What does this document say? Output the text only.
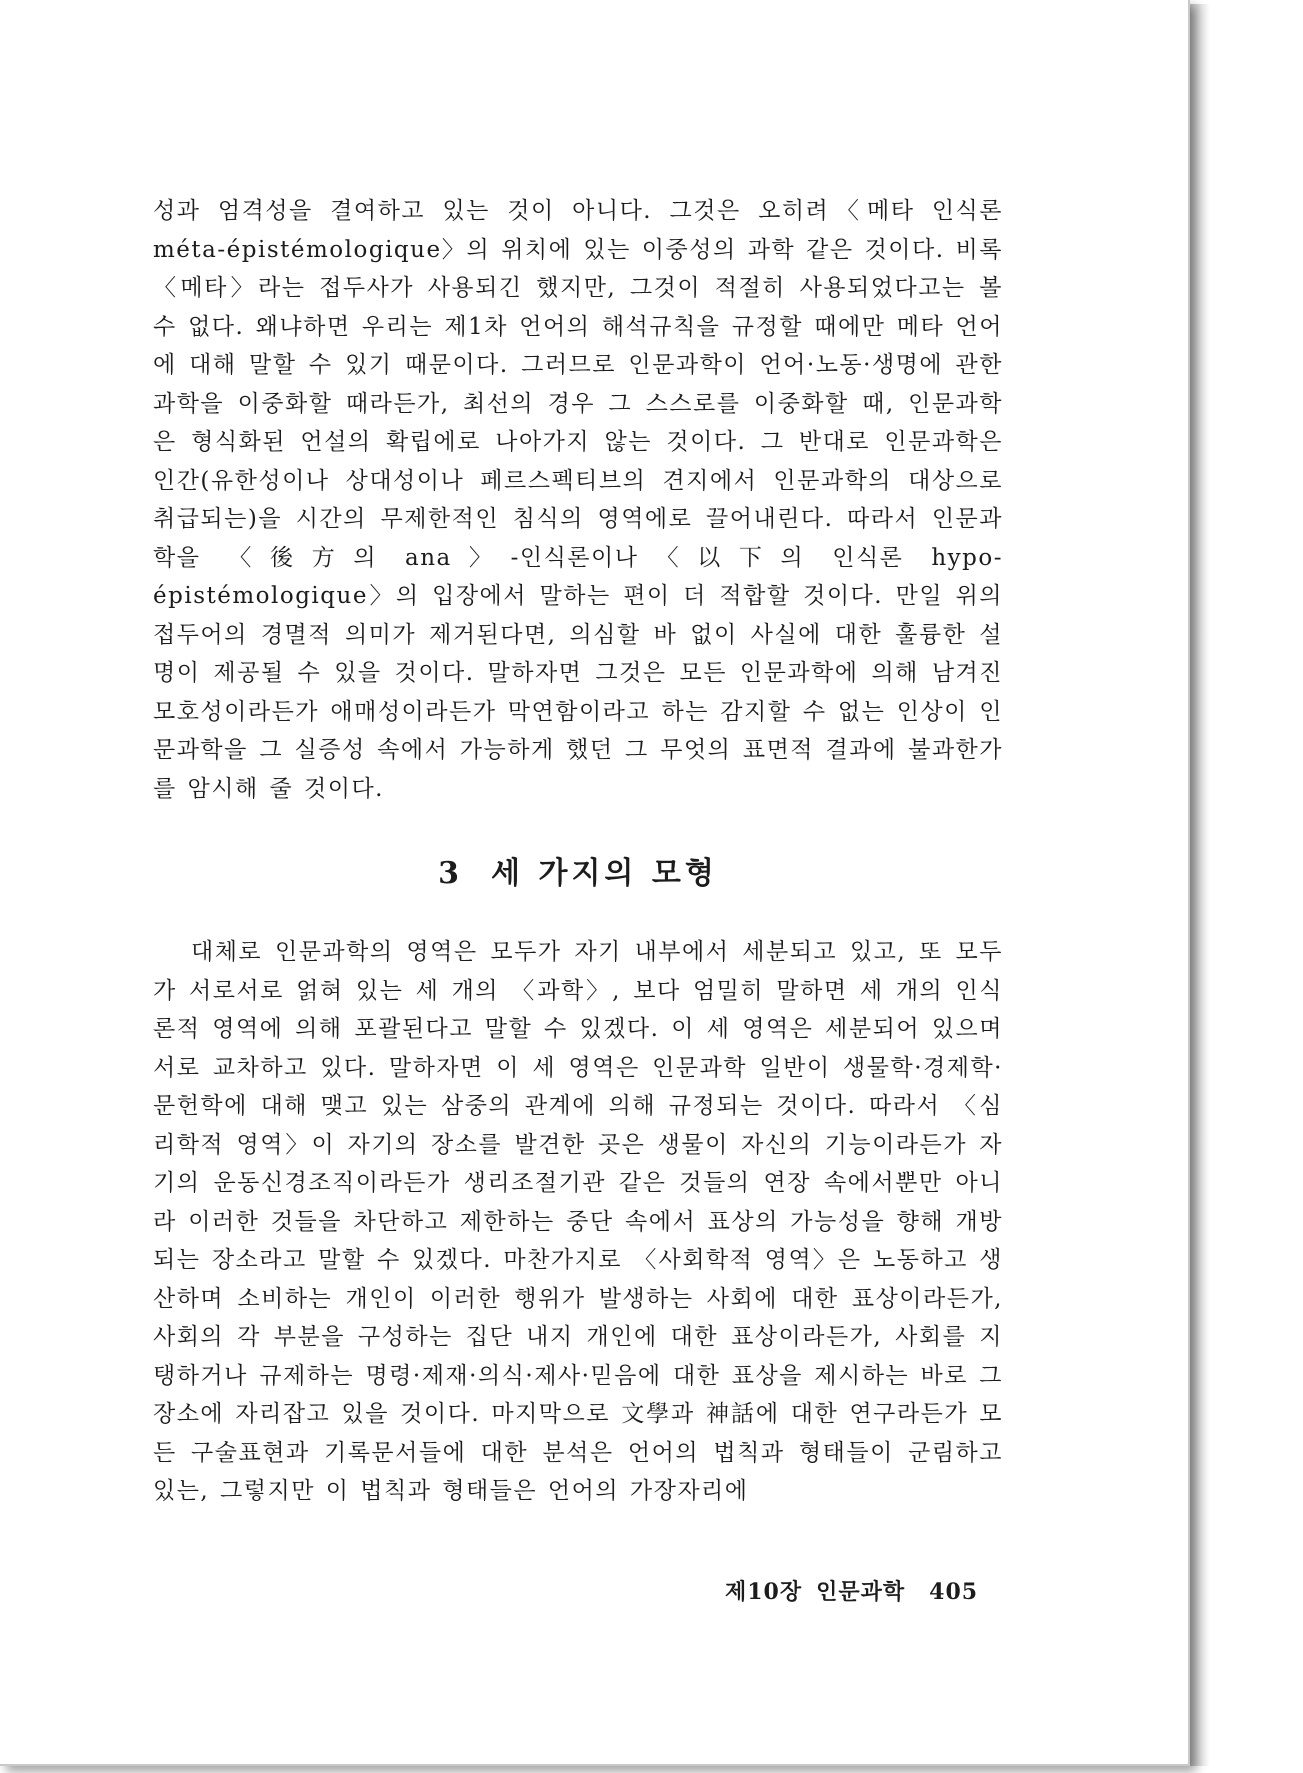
성과 엄격성을 결여하고 있는 것이 아니다. 그것은 오히려〈메타 인식론 méta-épistémologique〉의 위치에 있는 이중성의 과학 같은 것이다. 비록 〈메타〉라는 접두사가 사용되긴 했지만, 그것이 적절히 사용되었다고는 볼 수 없다. 왜냐하면 우리는 제1차 언어의 해석규칙을 규정할 때에만 메타 언어에 대해 말할 수 있기 때문이다. 그러므로 인문과학이 언어·노동·생명에 관한 과학을 이중화할 때라든가, 최선의 경우 그 스스로를 이중화할 때, 인문과학은 형식화된 언설의 확립에로 나아가지 않는 것이다. 그 반대로 인문과학은 인간(유한성이나 상대성이나 페르스펙티브의 견지에서 인문과학의 대상으로 취급되는)을 시간의 무제한적인 침식의 영역에로 끌어내린다. 따라서 인문과학을 〈後方의 ana〉-인식론이나〈以下의 인식론 hypo-épistémologique〉의 입장에서 말하는 편이 더 적합할 것이다. 만일 위의 접두어의 경멸적 의미가 제거된다면, 의심할 바 없이 사실에 대한 훌륭한 설명이 제공될 수 있을 것이다. 말하자면 그것은 모든 인문과학에 의해 남겨진 모호성이라든가 애매성이라든가 막연함이라고 하는 감지할 수 없는 인상이 인문과학을 그 실증성 속에서 가능하게 했던 그 무엇의 표면적 결과에 불과한가를 암시해 줄 것이다.

3 세 가지의 모형

대체로 인문과학의 영역은 모두가 자기 내부에서 세분되고 있고, 또 모두가 서로서로 얽혀 있는 세 개의 〈과학〉, 보다 엄밀히 말하면 세 개의 인식론적 영역에 의해 포괄된다고 말할 수 있겠다. 이 세 영역은 세분되어 있으며 서로 교차하고 있다. 말하자면 이 세 영역은 인문과학 일반이 생물학·경제학·문헌학에 대해 맺고 있는 삼중의 관계에 의해 규정되는 것이다. 따라서 〈심리학적 영역〉이 자기의 장소를 발견한 곳은 생물이 자신의 기능이라든가 자기의 운동신경조직이라든가 생리조절기관 같은 것들의 연장 속에서뿐만 아니라 이러한 것들을 차단하고 제한하는 중단 속에서 표상의 가능성을 향해 개방되는 장소라고 말할 수 있겠다. 마찬가지로 〈사회학적 영역〉은 노동하고 생산하며 소비하는 개인이 이러한 행위가 발생하는 사회에 대한 표상이라든가, 사회의 각 부분을 구성하는 집단 내지 개인에 대한 표상이라든가, 사회를 지탱하거나 규제하는 명령·제재·의식·제사·믿음에 대한 표상을 제시하는 바로 그 장소에 자리잡고 있을 것이다. 마지막으로 文學과 神話에 대한 연구라든가 모든 구술표현과 기록문서들에 대한 분석은 언어의 법칙과 형태들이 군림하고 있는, 그렇지만 이 법칙과 형태들은 언어의 가장자리에

제10장 인문과학 405
